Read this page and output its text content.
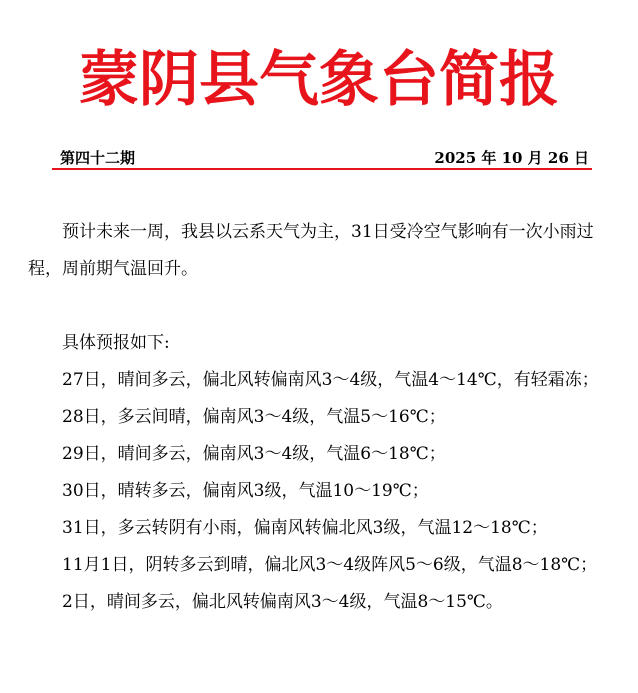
蒙阴县气象台简报
第四十二期	2025 年 10 月 26 日

预计未来一周，我县以云系天气为主，31日受冷空气影响有一次小雨过程，周前期气温回升。

具体预报如下:

27日，晴间多云，偏北风转偏南风3～4级，气温4～14℃，有轻霜冻；

28日，多云间晴，偏南风3～4级，气温5～16℃；

29日，晴间多云，偏南风3～4级，气温6～18℃；

30日，晴转多云，偏南风3级，气温10～19℃；

31日，多云转阴有小雨，偏南风转偏北风3级，气温12～18℃；

11月1日，阴转多云到晴，偏北风3～4级阵风5～6级，气温8～18℃；

2日，晴间多云，偏北风转偏南风3～4级，气温8～15℃。
